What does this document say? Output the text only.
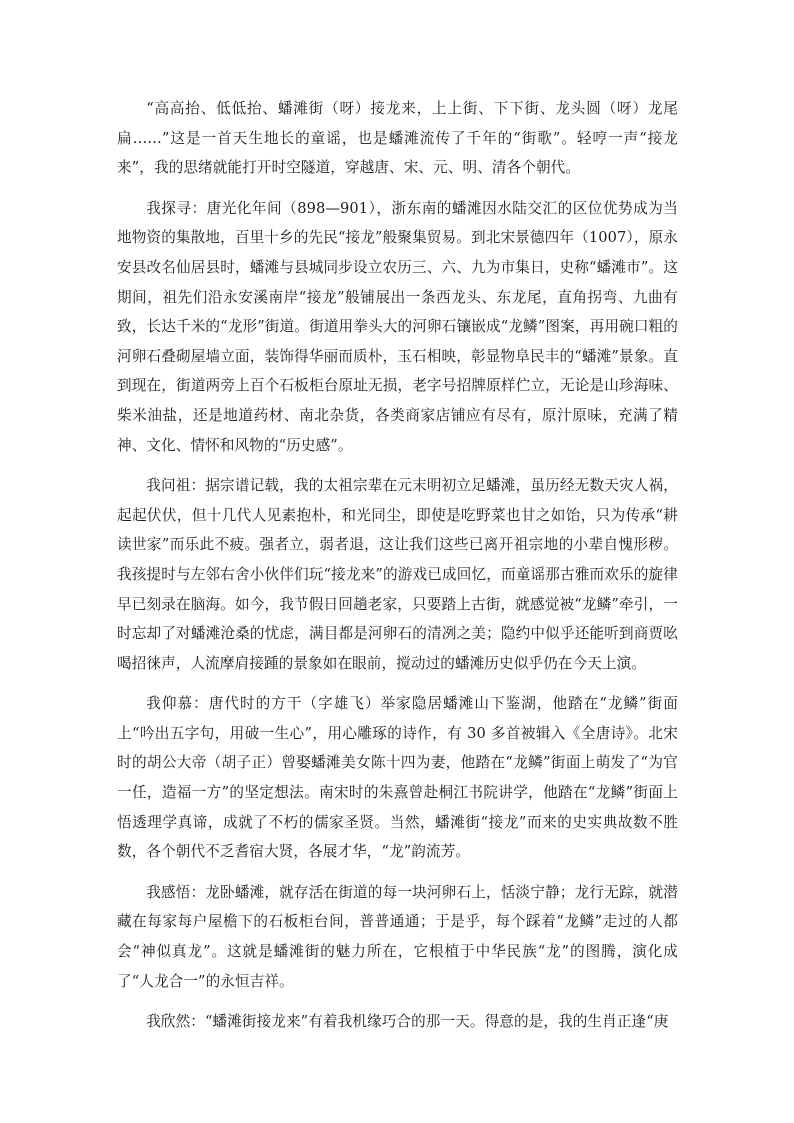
“高高抬、低低抬、蟠滩街（呀）接龙来，上上街、下下街、龙头圆（呀）龙尾扁……”这是一首天生地长的童谣，也是蟠滩流传了千年的“街歌”。轻哼一声“接龙来”，我的思绪就能打开时空隧道，穿越唐、宋、元、明、清各个朝代。

我探寻：唐光化年间（898—901），浙东南的蟠滩因水陆交汇的区位优势成为当地物资的集散地，百里十乡的先民“接龙”般聚集贸易。到北宋景德四年（1007），原永安县改名仙居县时，蟠滩与县城同步设立农历三、六、九为市集日，史称“蟠滩市”。这期间，祖先们沿永安溪南岸“接龙”般铺展出一条西龙头、东龙尾，直角拐弯、九曲有致，长达千米的“龙形”街道。街道用拳头大的河卵石镶嵌成“龙鳞”图案，再用碗口粗的河卵石叠砌屋墙立面，装饰得华丽而质朴，玉石相映，彰显物阜民丰的“蟠滩”景象。直到现在，街道两旁上百个石板柜台原址无损，老字号招牌原样伫立，无论是山珍海味、柴米油盐，还是地道药材、南北杂货，各类商家店铺应有尽有，原汁原味，充满了精神、文化、情怀和风物的“历史感”。

我问祖：据宗谱记载，我的太祖宗辈在元末明初立足蟠滩，虽历经无数天灾人祸，起起伏伏，但十几代人见素抱朴，和光同尘，即使是吃野菜也甘之如饴，只为传承“耕读世家”而乐此不疲。强者立，弱者退，这让我们这些已离开祖宗地的小辈自愧形秽。我孩提时与左邻右舍小伙伴们玩“接龙来”的游戏已成回忆，而童谣那古雅而欢乐的旋律早已刻录在脑海。如今，我节假日回趟老家，只要踏上古街，就感觉被“龙鳞”牵引，一时忘却了对蟠滩沧桑的忧虑，满目都是河卵石的清冽之美；隐约中似乎还能听到商贾吆喝招徕声，人流摩肩接踵的景象如在眼前，搅动过的蟠滩历史似乎仍在今天上演。

我仰慕：唐代时的方干（字雄飞）举家隐居蟠滩山下鉴湖，他踏在“龙鳞”街面上“吟出五字句，用破一生心”，用心雕琢的诗作，有 30 多首被辑入《全唐诗》。北宋时的胡公大帝（胡子正）曾娶蟠滩美女陈十四为妻，他踏在“龙鳞”街面上萌发了“为官一任，造福一方”的坚定想法。南宋时的朱熹曾赴桐江书院讲学，他踏在“龙鳞”街面上悟透理学真谛，成就了不朽的儒家圣贤。当然，蟠滩街“接龙”而来的史实典故数不胜数，各个朝代不乏耆宿大贤，各展才华，“龙”韵流芳。

我感悟：龙卧蟠滩，就存活在街道的每一块河卵石上，恬淡宁静；龙行无踪，就潜藏在每家每户屋檐下的石板柜台间，普普通通；于是乎，每个踩着“龙鳞”走过的人都会“神似真龙”。这就是蟠滩街的魅力所在，它根植于中华民族“龙”的图腾，演化成了“人龙合一”的永恒吉祥。

我欣然：“蟠滩街接龙来”有着我机缘巧合的那一天。得意的是，我的生肖正逢“庚
